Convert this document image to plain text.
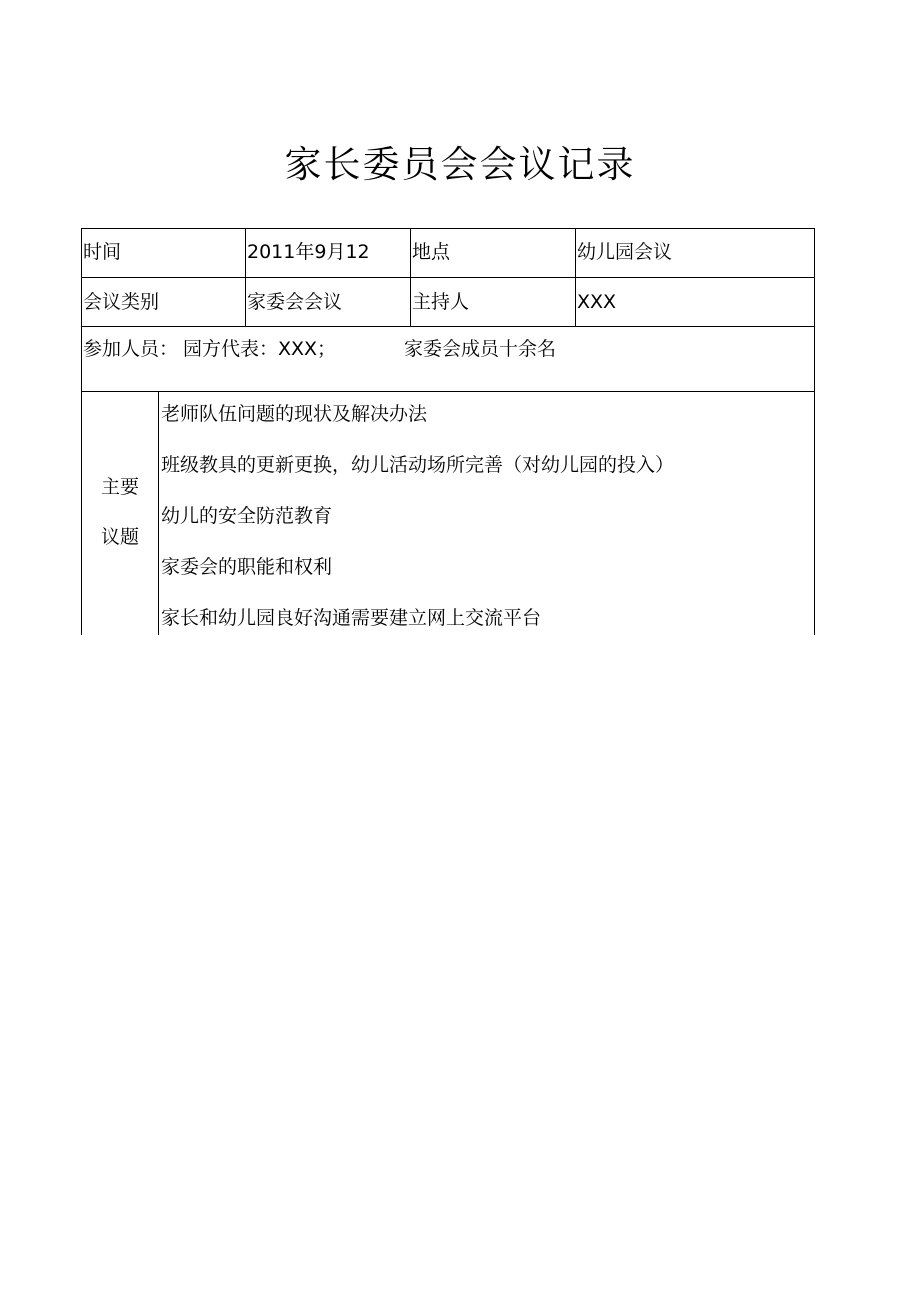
家长委员会会议记录
时间	2011年9月12 地点	幼儿园会议
会议类别	家委会会议	主持人	XXX
参加人员： 园方代表：XXX；	家委会成员十余名
主要
议题
老师队伍问题的现状及解决办法
班级教具的更新更换，幼儿活动场所完善（对幼儿园的投入）
幼儿的安全防范教育
家委会的职能和权利
家长和幼儿园良好沟通需要建立网上交流平台
